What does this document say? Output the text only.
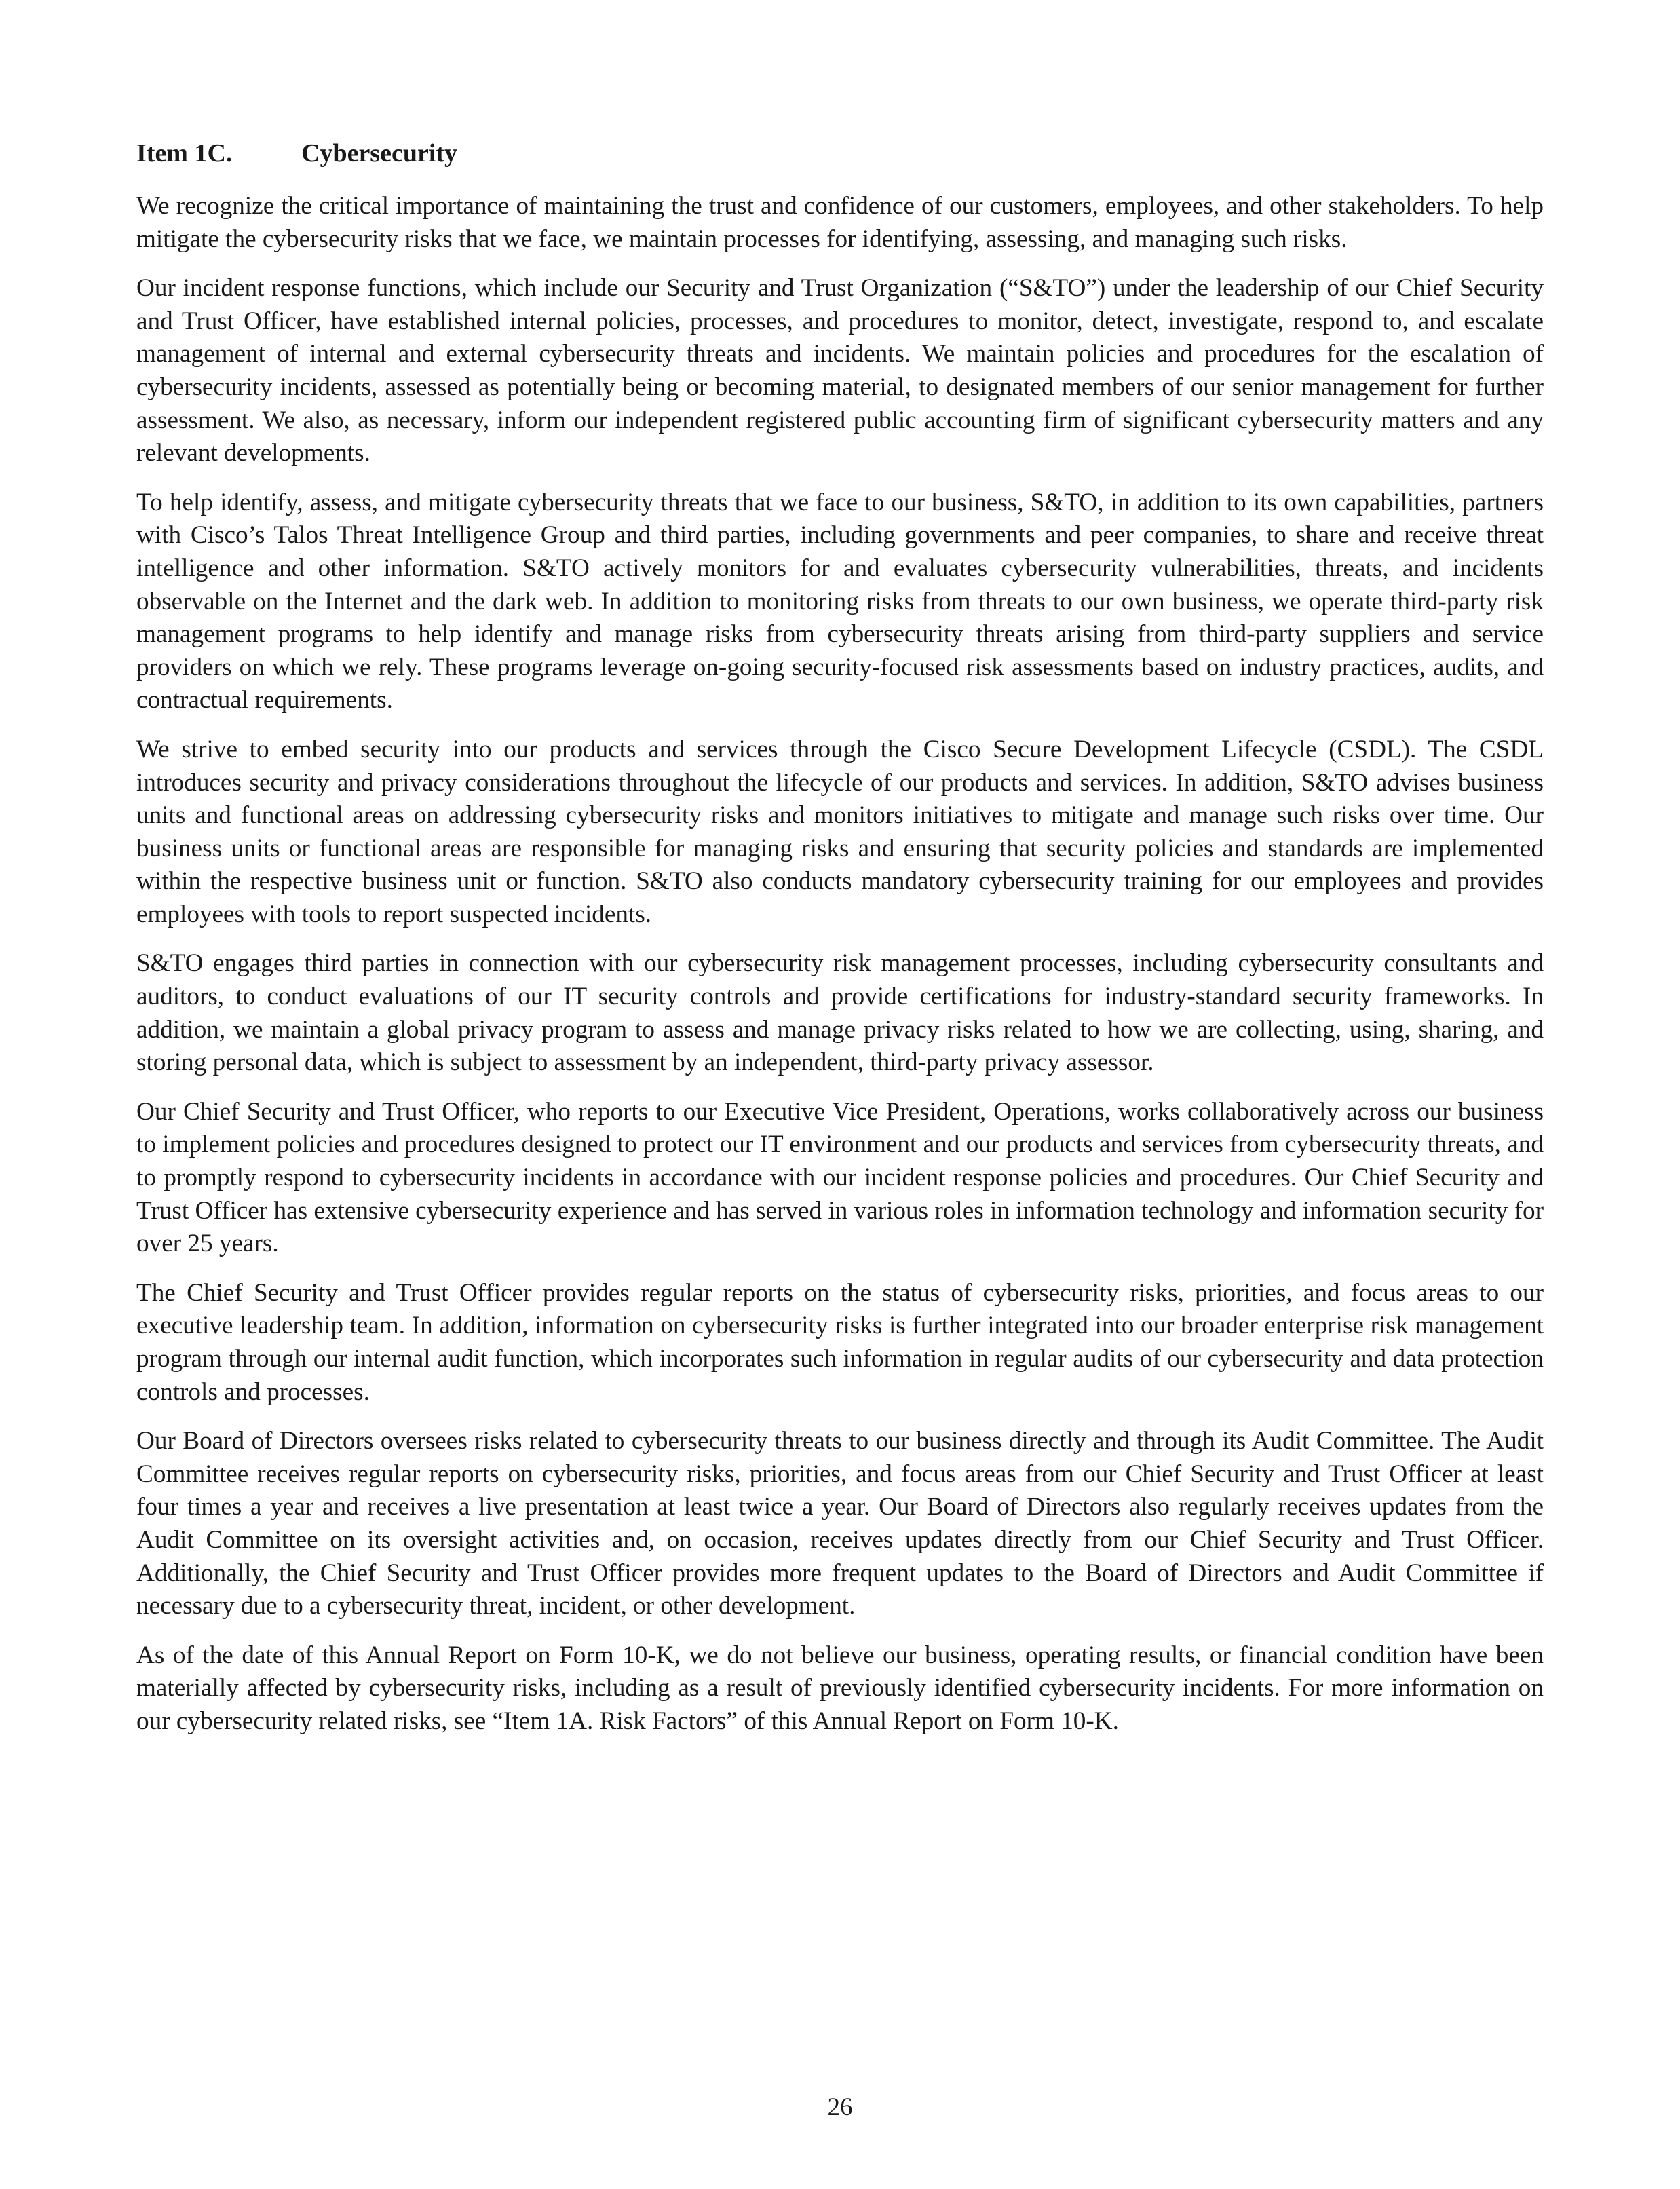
Item 1C.	Cybersecurity

We recognize the critical importance of maintaining the trust and confidence of our customers, employees, and other stakeholders. To help mitigate the cybersecurity risks that we face, we maintain processes for identifying, assessing, and managing such risks.

Our incident response functions, which include our Security and Trust Organization (“S&TO”) under the leadership of our Chief Security and Trust Officer, have established internal policies, processes, and procedures to monitor, detect, investigate, respond to, and escalate management of internal and external cybersecurity threats and incidents. We maintain policies and procedures for the escalation of cybersecurity incidents, assessed as potentially being or becoming material, to designated members of our senior management for further assessment. We also, as necessary, inform our independent registered public accounting firm of significant cybersecurity matters and any relevant developments.

To help identify, assess, and mitigate cybersecurity threats that we face to our business, S&TO, in addition to its own capabilities, partners with Cisco’s Talos Threat Intelligence Group and third parties, including governments and peer companies, to share and receive threat intelligence and other information. S&TO actively monitors for and evaluates cybersecurity vulnerabilities, threats, and incidents observable on the Internet and the dark web. In addition to monitoring risks from threats to our own business, we operate third-party risk management programs to help identify and manage risks from cybersecurity threats arising from third-party suppliers and service providers on which we rely. These programs leverage on-going security-focused risk assessments based on industry practices, audits, and contractual requirements.

We strive to embed security into our products and services through the Cisco Secure Development Lifecycle (CSDL). The CSDL introduces security and privacy considerations throughout the lifecycle of our products and services. In addition, S&TO advises business units and functional areas on addressing cybersecurity risks and monitors initiatives to mitigate and manage such risks over time. Our business units or functional areas are responsible for managing risks and ensuring that security policies and standards are implemented within the respective business unit or function. S&TO also conducts mandatory cybersecurity training for our employees and provides employees with tools to report suspected incidents.

S&TO engages third parties in connection with our cybersecurity risk management processes, including cybersecurity consultants and auditors, to conduct evaluations of our IT security controls and provide certifications for industry-standard security frameworks. In addition, we maintain a global privacy program to assess and manage privacy risks related to how we are collecting, using, sharing, and storing personal data, which is subject to assessment by an independent, third-party privacy assessor.

Our Chief Security and Trust Officer, who reports to our Executive Vice President, Operations, works collaboratively across our business to implement policies and procedures designed to protect our IT environment and our products and services from cybersecurity threats, and to promptly respond to cybersecurity incidents in accordance with our incident response policies and procedures. Our Chief Security and Trust Officer has extensive cybersecurity experience and has served in various roles in information technology and information security for over 25 years.

The Chief Security and Trust Officer provides regular reports on the status of cybersecurity risks, priorities, and focus areas to our executive leadership team. In addition, information on cybersecurity risks is further integrated into our broader enterprise risk management program through our internal audit function, which incorporates such information in regular audits of our cybersecurity and data protection controls and processes.

Our Board of Directors oversees risks related to cybersecurity threats to our business directly and through its Audit Committee. The Audit Committee receives regular reports on cybersecurity risks, priorities, and focus areas from our Chief Security and Trust Officer at least four times a year and receives a live presentation at least twice a year. Our Board of Directors also regularly receives updates from the Audit Committee on its oversight activities and, on occasion, receives updates directly from our Chief Security and Trust Officer. Additionally, the Chief Security and Trust Officer provides more frequent updates to the Board of Directors and Audit Committee if necessary due to a cybersecurity threat, incident, or other development.

As of the date of this Annual Report on Form 10-K, we do not believe our business, operating results, or financial condition have been materially affected by cybersecurity risks, including as a result of previously identified cybersecurity incidents. For more information on our cybersecurity related risks, see “Item 1A. Risk Factors” of this Annual Report on Form 10-K.

26
